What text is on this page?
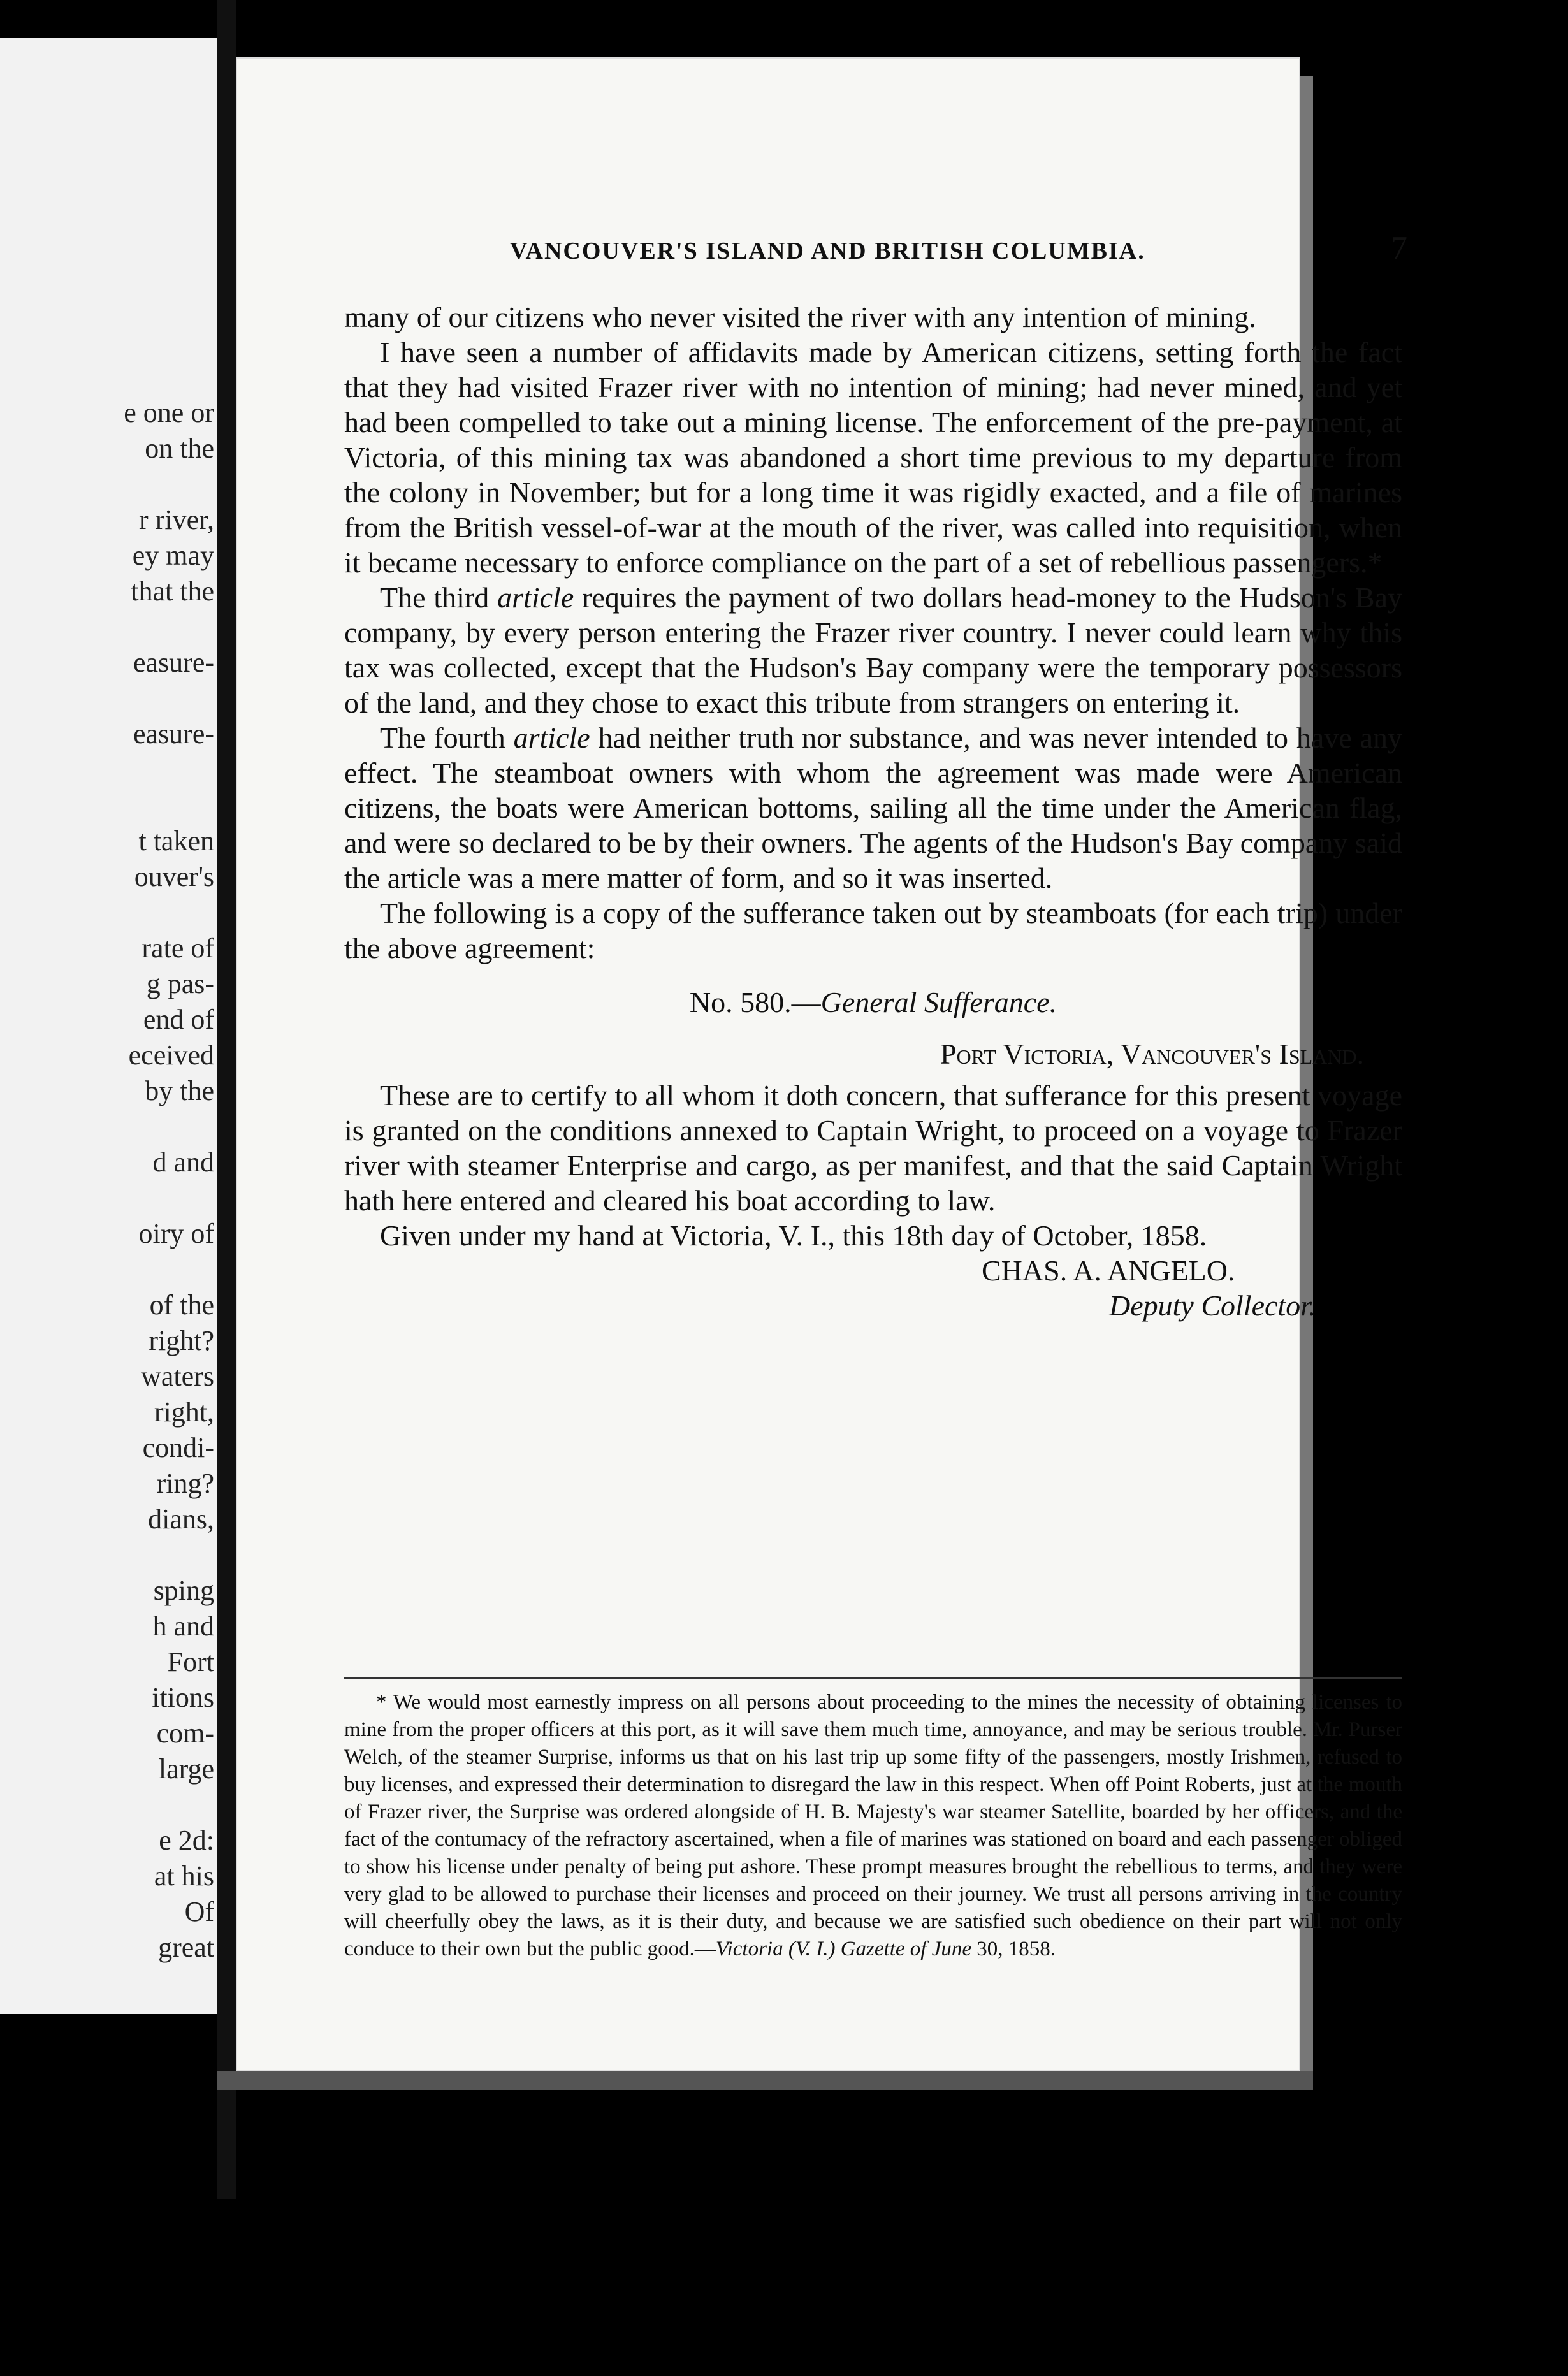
e one or
on the

r river,
ey may
that the

easure-

easure-

t taken
ouver's

rate of
g pas-
end of
eceived
by the

d and

oiry of

of the
right?
waters
right,
condi-
ring?
dians,

sping
h and
Fort
itions
com-
large

e 2d:
at his
Of
great
VANCOUVER'S ISLAND AND BRITISH COLUMBIA.	7

many of our citizens who never visited the river with any intention of mining.

I have seen a number of affidavits made by American citizens, setting forth the fact that they had visited Frazer river with no intention of mining; had never mined, and yet had been compelled to take out a mining license. The enforcement of the pre-payment, at Victoria, of this mining tax was abandoned a short time previous to my departure from the colony in November; but for a long time it was rigidly exacted, and a file of marines from the British vessel-of-war at the mouth of the river, was called into requisition, when it became necessary to enforce compliance on the part of a set of rebellious passengers.*

The third article requires the payment of two dollars head-money to the Hudson's Bay company, by every person entering the Frazer river country. I never could learn why this tax was collected, except that the Hudson's Bay company were the temporary possessors of the land, and they chose to exact this tribute from strangers on entering it.

The fourth article had neither truth nor substance, and was never intended to have any effect. The steamboat owners with whom the agreement was made were American citizens, the boats were American bottoms, sailing all the time under the American flag, and were so declared to be by their owners. The agents of the Hudson's Bay company said the article was a mere matter of form, and so it was inserted.

The following is a copy of the sufferance taken out by steamboats (for each trip) under the above agreement:

No. 580.—General Sufferance.
Port Victoria, Vancouver's Island.

These are to certify to all whom it doth concern, that sufferance for this present voyage is granted on the conditions annexed to Captain Wright, to proceed on a voyage to Frazer river with steamer Enterprise and cargo, as per manifest, and that the said Captain Wright hath here entered and cleared his boat according to law.

Given under my hand at Victoria, V. I., this 18th day of October, 1858.

CHAS. A. ANGELO.
Deputy Collector.

* We would most earnestly impress on all persons about proceeding to the mines the necessity of obtaining licenses to mine from the proper officers at this port, as it will save them much time, annoyance, and may be serious trouble. Mr. Purser Welch, of the steamer Surprise, informs us that on his last trip up some fifty of the passengers, mostly Irishmen, refused to buy licenses, and expressed their determination to disregard the law in this respect. When off Point Roberts, just at the mouth of Frazer river, the Surprise was ordered alongside of H. B. Majesty's war steamer Satellite, boarded by her officers, and the fact of the contumacy of the refractory ascertained, when a file of marines was stationed on board and each passenger obliged to show his license under penalty of being put ashore. These prompt measures brought the rebellious to terms, and they were very glad to be allowed to purchase their licenses and proceed on their journey. We trust all persons arriving in the country will cheerfully obey the laws, as it is their duty, and because we are satisfied such obedience on their part will not only conduce to their own but the public good.—Victoria (V. I.) Gazette of June 30, 1858.
